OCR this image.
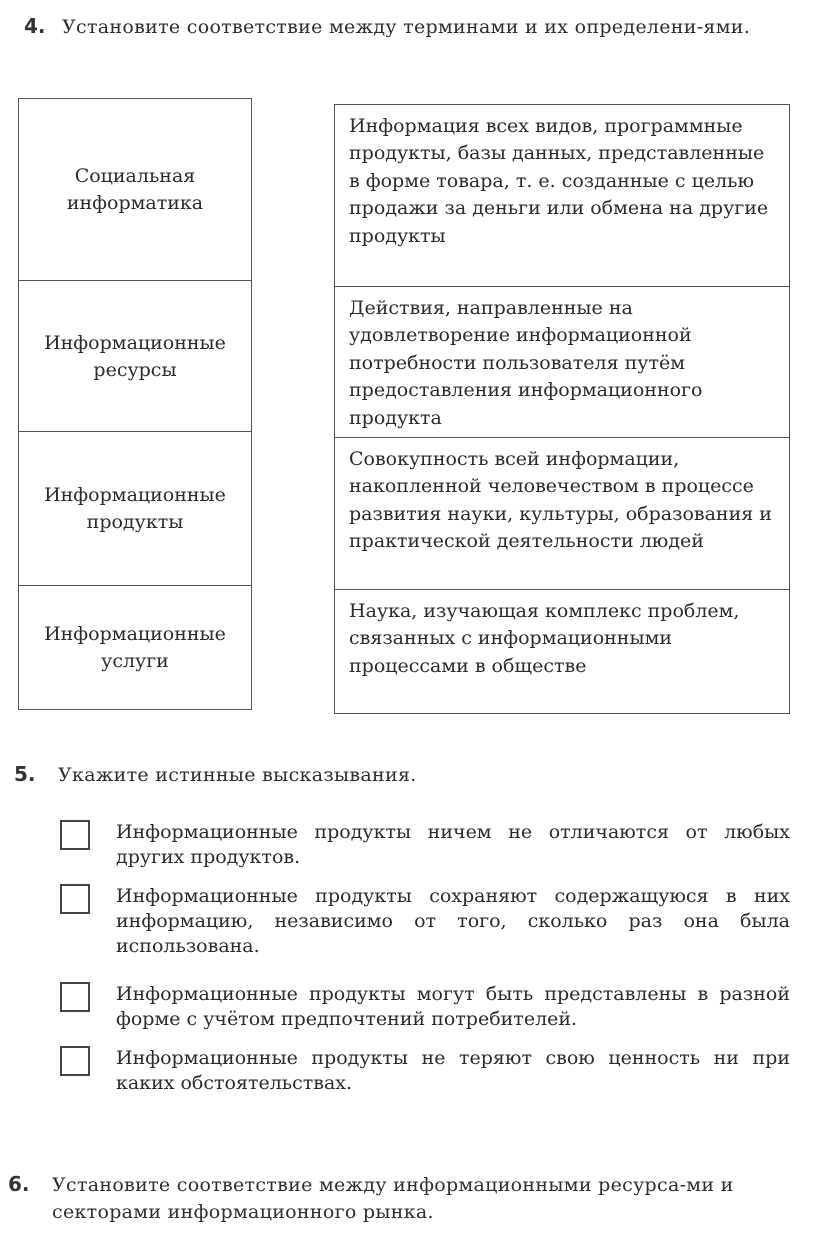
4. Установите соответствие между терминами и их определени-ями.
Социальная информатика
Информационные ресурсы
Информационные продукты
Информационные услуги
Информация всех видов, программные продукты, базы данных, представленные в форме товара, т. е. созданные с целью продажи за деньги или обмена на другие продукты
Действия, направленные на удовлетворение информационной потребности пользователя путём предоставления информационного продукта
Совокупность всей информации, накопленной человечеством в процессе развития науки, культуры, образования и практической деятельности людей
Наука, изучающая комплекс проблем, связанных с информационными процессами в обществе
5. Укажите истинные высказывания.
Информационные продукты ничем не отличаются от любых других продуктов.
Информационные продукты сохраняют содержащуюся в них информацию, независимо от того, сколько раз она была использована.
Информационные продукты могут быть представлены в разной форме с учётом предпочтений потребителей.
Информационные продукты не теряют свою ценность ни при каких обстоятельствах.
6. Установите соответствие между информационными ресурса-ми и секторами информационного рынка.
